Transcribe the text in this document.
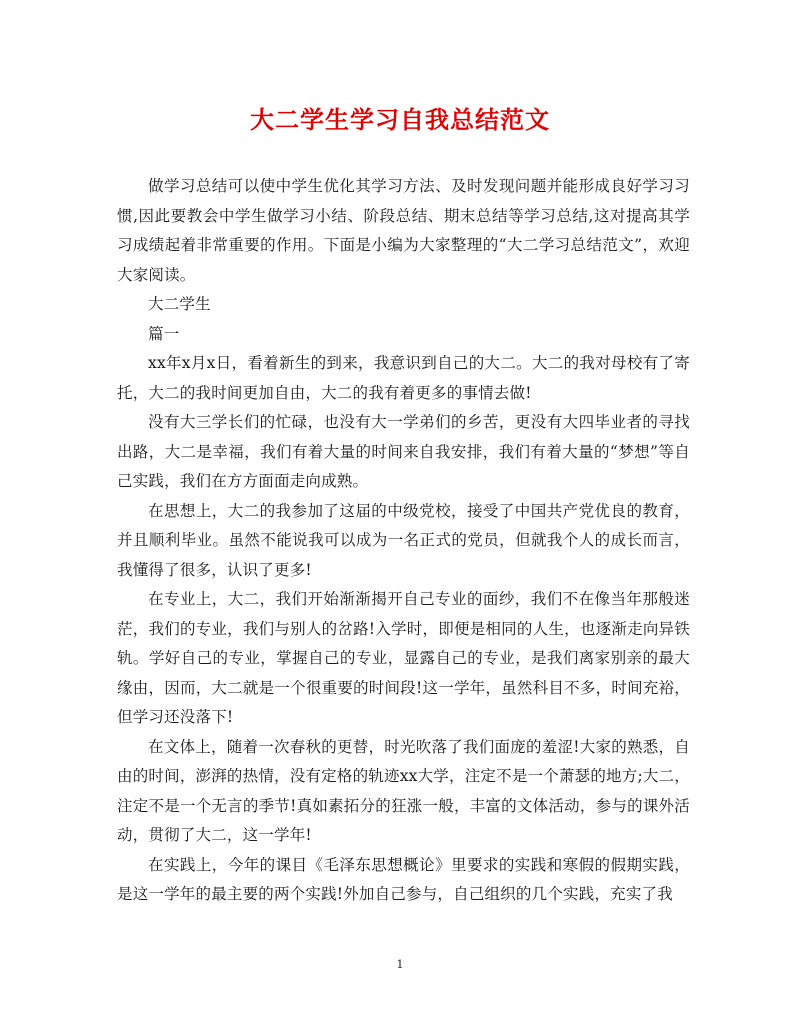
大二学生学习自我总结范文

做学习总结可以使中学生优化其学习方法、及时发现问题并能形成良好学习习惯,因此要教会中学生做学习小结、阶段总结、期末总结等学习总结,这对提高其学习成绩起着非常重要的作用。下面是小编为大家整理的“大二学习总结范文”，欢迎大家阅读。

大二学生

篇一

xx年x月x日，看着新生的到来，我意识到自己的大二。大二的我对母校有了寄托，大二的我时间更加自由，大二的我有着更多的事情去做!

没有大三学长们的忙碌，也没有大一学弟们的乡苦，更没有大四毕业者的寻找出路，大二是幸福，我们有着大量的时间来自我安排，我们有着大量的“梦想”等自己实践，我们在方方面面走向成熟。

在思想上，大二的我参加了这届的中级党校，接受了中国共产党优良的教育，并且顺利毕业。虽然不能说我可以成为一名正式的党员，但就我个人的成长而言，我懂得了很多，认识了更多!

在专业上，大二，我们开始渐渐揭开自己专业的面纱，我们不在像当年那般迷茫，我们的专业，我们与别人的岔路!入学时，即便是相同的人生，也逐渐走向异铁轨。学好自己的专业，掌握自己的专业，显露自己的专业，是我们离家别亲的最大缘由，因而，大二就是一个很重要的时间段!这一学年，虽然科目不多，时间充裕，但学习还没落下!

在文体上，随着一次春秋的更替，时光吹落了我们面庞的羞涩!大家的熟悉，自由的时间，澎湃的热情，没有定格的轨迹xx大学，注定不是一个萧瑟的地方;大二，注定不是一个无言的季节!真如素拓分的狂涨一般，丰富的文体活动，参与的课外活动，贯彻了大二，这一学年!

在实践上，今年的课目《毛泽东思想概论》里要求的实践和寒假的假期实践，是这一学年的最主要的两个实践!外加自己参与，自己组织的几个实践，充实了我

1
